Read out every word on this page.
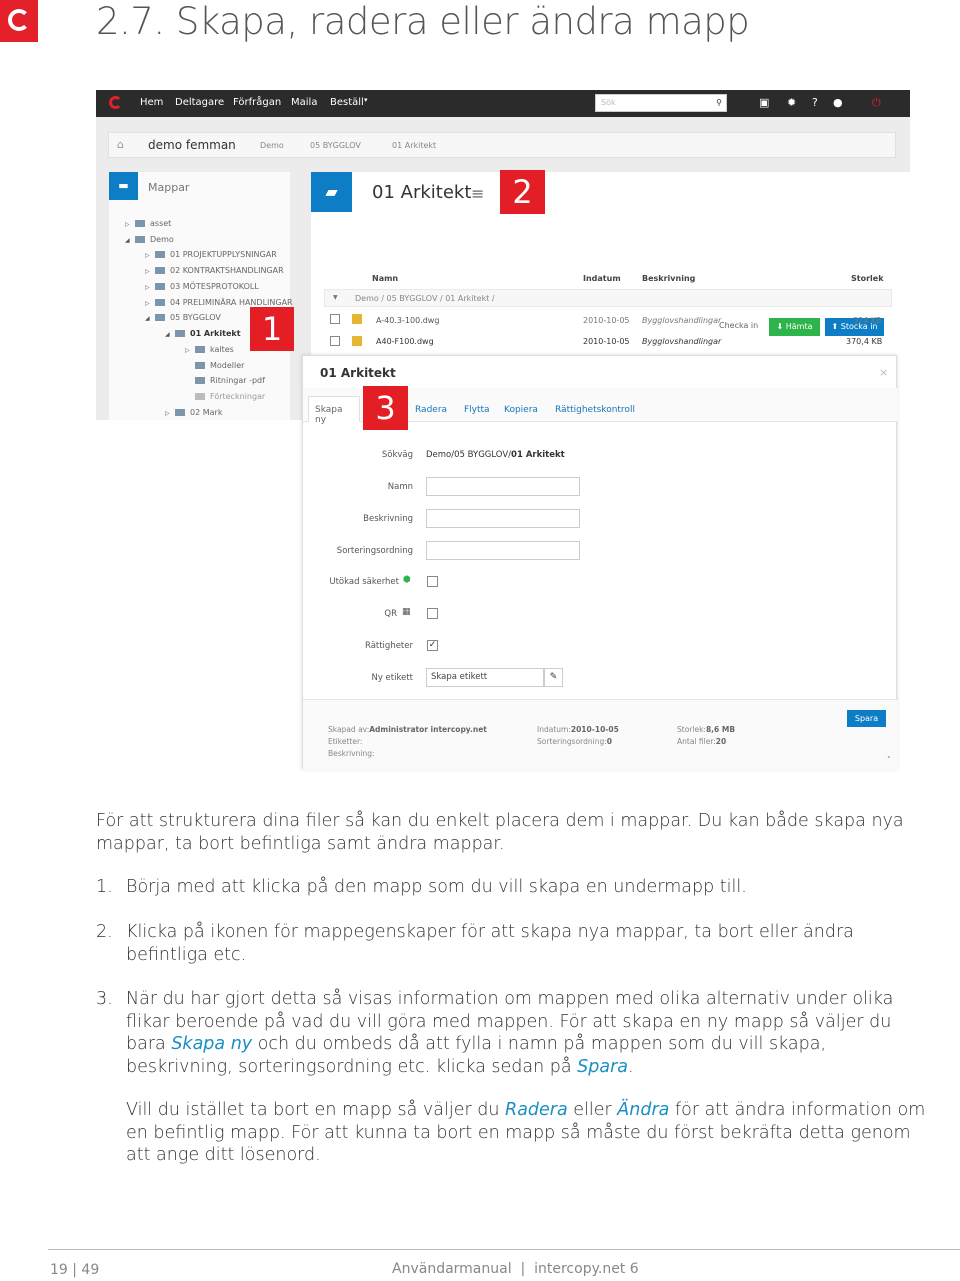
2.7. Skapa, radera eller ändra mapp
Hem Deltagare Förfrågan Maila Beställ ▾	Sök	⚲	▣ ✹ ? ●	⏻
⌂ demo femman	Demo	05 BYGGLOV	01 Arkitekt
▬	Mappar
▷	asset
◢	Demo
▷	01 PROJEKTUPPLYSNINGAR
▷	02 KONTRAKTSHANDLINGAR
▷	03 MÖTESPROTOKOLL
▷	04 PRELIMINÄRA HANDLINGAR
◢	05 BYGGLOV
◢	01 Arkitekt
▷	kaltes
Modeller
Ritningar -pdf
Förteckningar
▷	02 Mark
▰	01 Arkitekt ≡
Checka in	⬇ Hämta	⬆ Stocka in
Namn	Indatum	Beskrivning	Storlek
▼ Demo / 05 BYGGLOV / 01 Arkitekt /
A-40.3-100.dwg	2010-10-05 Bygglovshandlingar	324 KB
A40-F100.dwg	2010-10-05 Bygglovshandlingar	370,4 KB
1
2
01 Arkitekt	×
Skapa ny
Radera Flytta Kopiera Rättighetskontroll
Sökväg Demo/05 BYGGLOV/01 Arkitekt
Namn
Beskrivning
Sorteringsordning
Utökad säkerhet ⬢
QR ▦
Rättigheter ✓
Ny etikett	Skapa etikett	✎
Skapad av:Administrator intercopy.net
Etiketter:
Beskrivning:
Indatum:2010-10-05
Sorteringsordning:0
Storlek:8,6 MB
Antal filer:20
Spara
˄
3
För att strukturera dina filer så kan du enkelt placera dem i mappar. Du kan både skapa nya mappar, ta bort befintliga samt ändra mappar.
1. Börja med att klicka på den mapp som du vill skapa en undermapp till.
2. Klicka på ikonen för mappegenskaper för att skapa nya mappar, ta bort eller ändra befintliga etc.
3. När du har gjort detta så visas information om mappen med olika alternativ under olika flikar beroende på vad du vill göra med mappen. För att skapa en ny mapp så väljer du bara Skapa ny och du ombeds då att fylla i namn på mappen som du vill skapa, beskrivning, sorteringsordning etc. klicka sedan på Spara.
Vill du istället ta bort en mapp så väljer du Radera eller Ändra för att ändra information om en befintlig mapp. För att kunna ta bort en mapp så måste du först bekräfta detta genom att ange ditt lösenord.
19 | 49	Användarmanual  |  intercopy.net 6
